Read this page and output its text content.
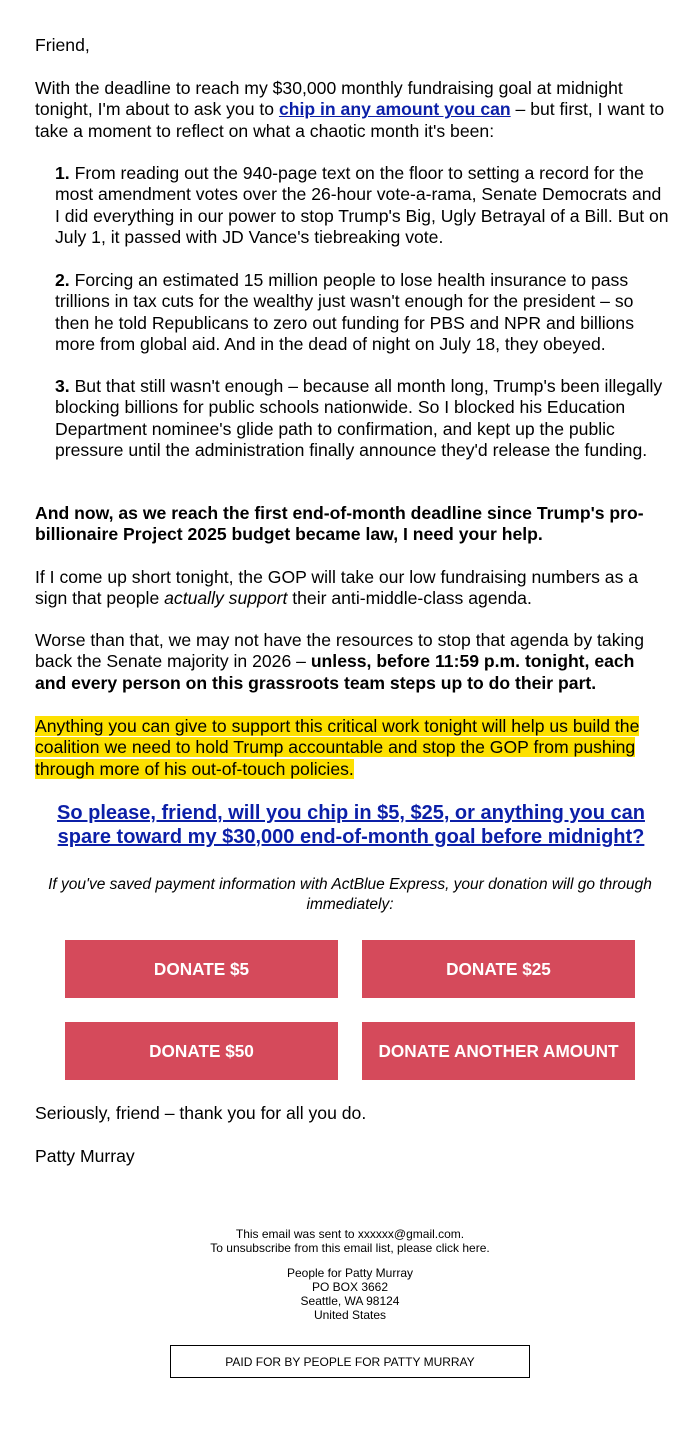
Friend,

With the deadline to reach my $30,000 monthly fundraising goal at midnight tonight, I'm about to ask you to chip in any amount you can – but first, I want to take a moment to reflect on what a chaotic month it's been:

1. From reading out the 940-page text on the floor to setting a record for the most amendment votes over the 26-hour vote-a-rama, Senate Democrats and I did everything in our power to stop Trump's Big, Ugly Betrayal of a Bill. But on July 1, it passed with JD Vance's tiebreaking vote.

2. Forcing an estimated 15 million people to lose health insurance to pass trillions in tax cuts for the wealthy just wasn't enough for the president – so then he told Republicans to zero out funding for PBS and NPR and billions more from global aid. And in the dead of night on July 18, they obeyed.

3. But that still wasn't enough – because all month long, Trump's been illegally blocking billions for public schools nationwide. So I blocked his Education Department nominee's glide path to confirmation, and kept up the public pressure until the administration finally announce they'd release the funding.

And now, as we reach the first end-of-month deadline since Trump's pro-billionaire Project 2025 budget became law, I need your help.

If I come up short tonight, the GOP will take our low fundraising numbers as a sign that people actually support their anti-middle-class agenda.

Worse than that, we may not have the resources to stop that agenda by taking back the Senate majority in 2026 – unless, before 11:59 p.m. tonight, each and every person on this grassroots team steps up to do their part.

Anything you can give to support this critical work tonight will help us build the coalition we need to hold Trump accountable and stop the GOP from pushing through more of his out-of-touch policies.

So please, friend, will you chip in $5, $25, or anything you can spare toward my $30,000 end-of-month goal before midnight?

If you've saved payment information with ActBlue Express, your donation will go through immediately:

DONATE $5	DONATE $25
DONATE $50	DONATE ANOTHER AMOUNT

Seriously, friend – thank you for all you do.

Patty Murray

This email was sent to xxxxxx@gmail.com.

To unsubscribe from this email list, please click here.

People for Patty Murray

PO BOX 3662

Seattle, WA 98124

United States

PAID FOR BY PEOPLE FOR PATTY MURRAY
